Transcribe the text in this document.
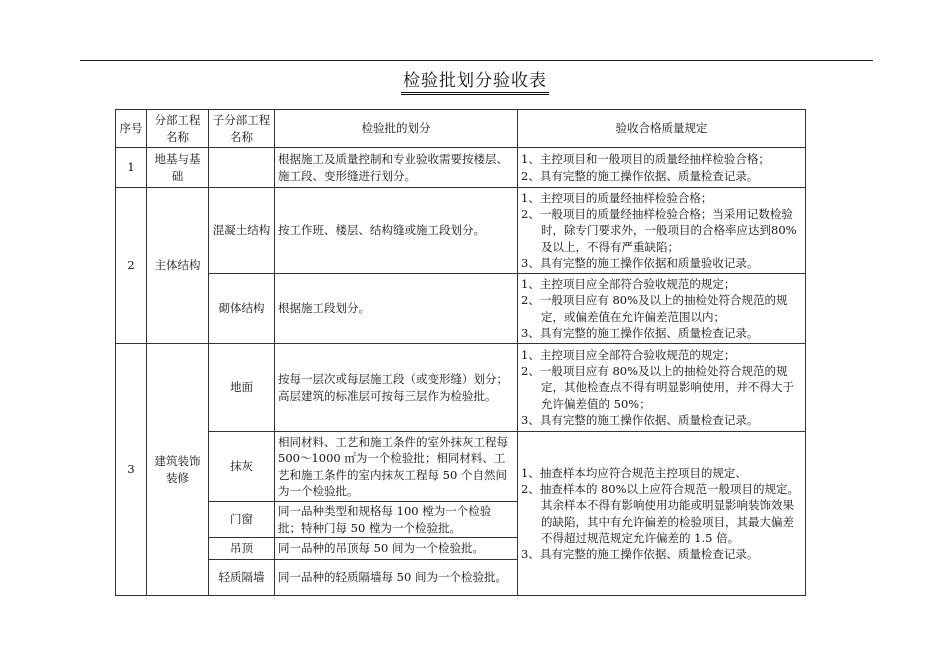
检验批划分验收表
序号	分部工程名称	子分部工程名称	检验批的划分	验收合格质量规定
1	地基与基础		根据施工及质量控制和专业验收需要按楼层、施工段、变形缝进行划分。	1、主控项目和一般项目的质量经抽样检验合格；

2、具有完整的施工操作依据、质量检查记录。

2	主体结构	混凝土结构	按工作班、楼层、结构缝或施工段划分。	1、主控项目的质量经抽样检验合格；

2、一般项目的质量经抽样检验合格；当采用记数检验时，除专门要求外，一般项目的合格率应达到80%及以上，不得有严重缺陷；

3、具有完整的施工操作依据和质量验收记录。

		砌体结构	根据施工段划分。	1、主控项目应全部符合验收规范的规定；

2、一般项目应有 80%及以上的抽检处符合规范的规定，或偏差值在允许偏差范围以内；

3、具有完整的施工操作依据、质量检查记录。

3	建筑装饰装修	地面	按每一层次或每层施工段（或变形缝）划分；高层建筑的标准层可按每三层作为检验批。	1、主控项目应全部符合验收规范的规定；

2、一般项目应有 80%及以上的抽检处符合规范的规定，其他检查点不得有明显影响使用，并不得大于允许偏差值的 50%；

3、具有完整的施工操作依据、质量检查记录。

		抹灰	相同材料、工艺和施工条件的室外抹灰工程每 500～1000 ㎡为一个检验批；相同材料、工艺和施工条件的室内抹灰工程每 50 个自然间为一个检验批。	1、抽查样本均应符合规范主控项目的规定、

2、抽查样本的 80%以上应符合规范一般项目的规定。其余样本不得有影响使用功能或明显影响装饰效果的缺陷，其中有允许偏差的检验项目，其最大偏差不得超过规范规定允许偏差的 1.5 倍。

3、具有完整的施工操作依据、质量检查记录。

		门窗	同一品种类型和规格每 100 樘为一个检验批；特种门每 50 樘为一个检验批。	
		吊顶	同一品种的吊顶每 50 间为一个检验批。	
		轻质隔墙	同一品种的轻质隔墙每 50 间为一个检验批。	
